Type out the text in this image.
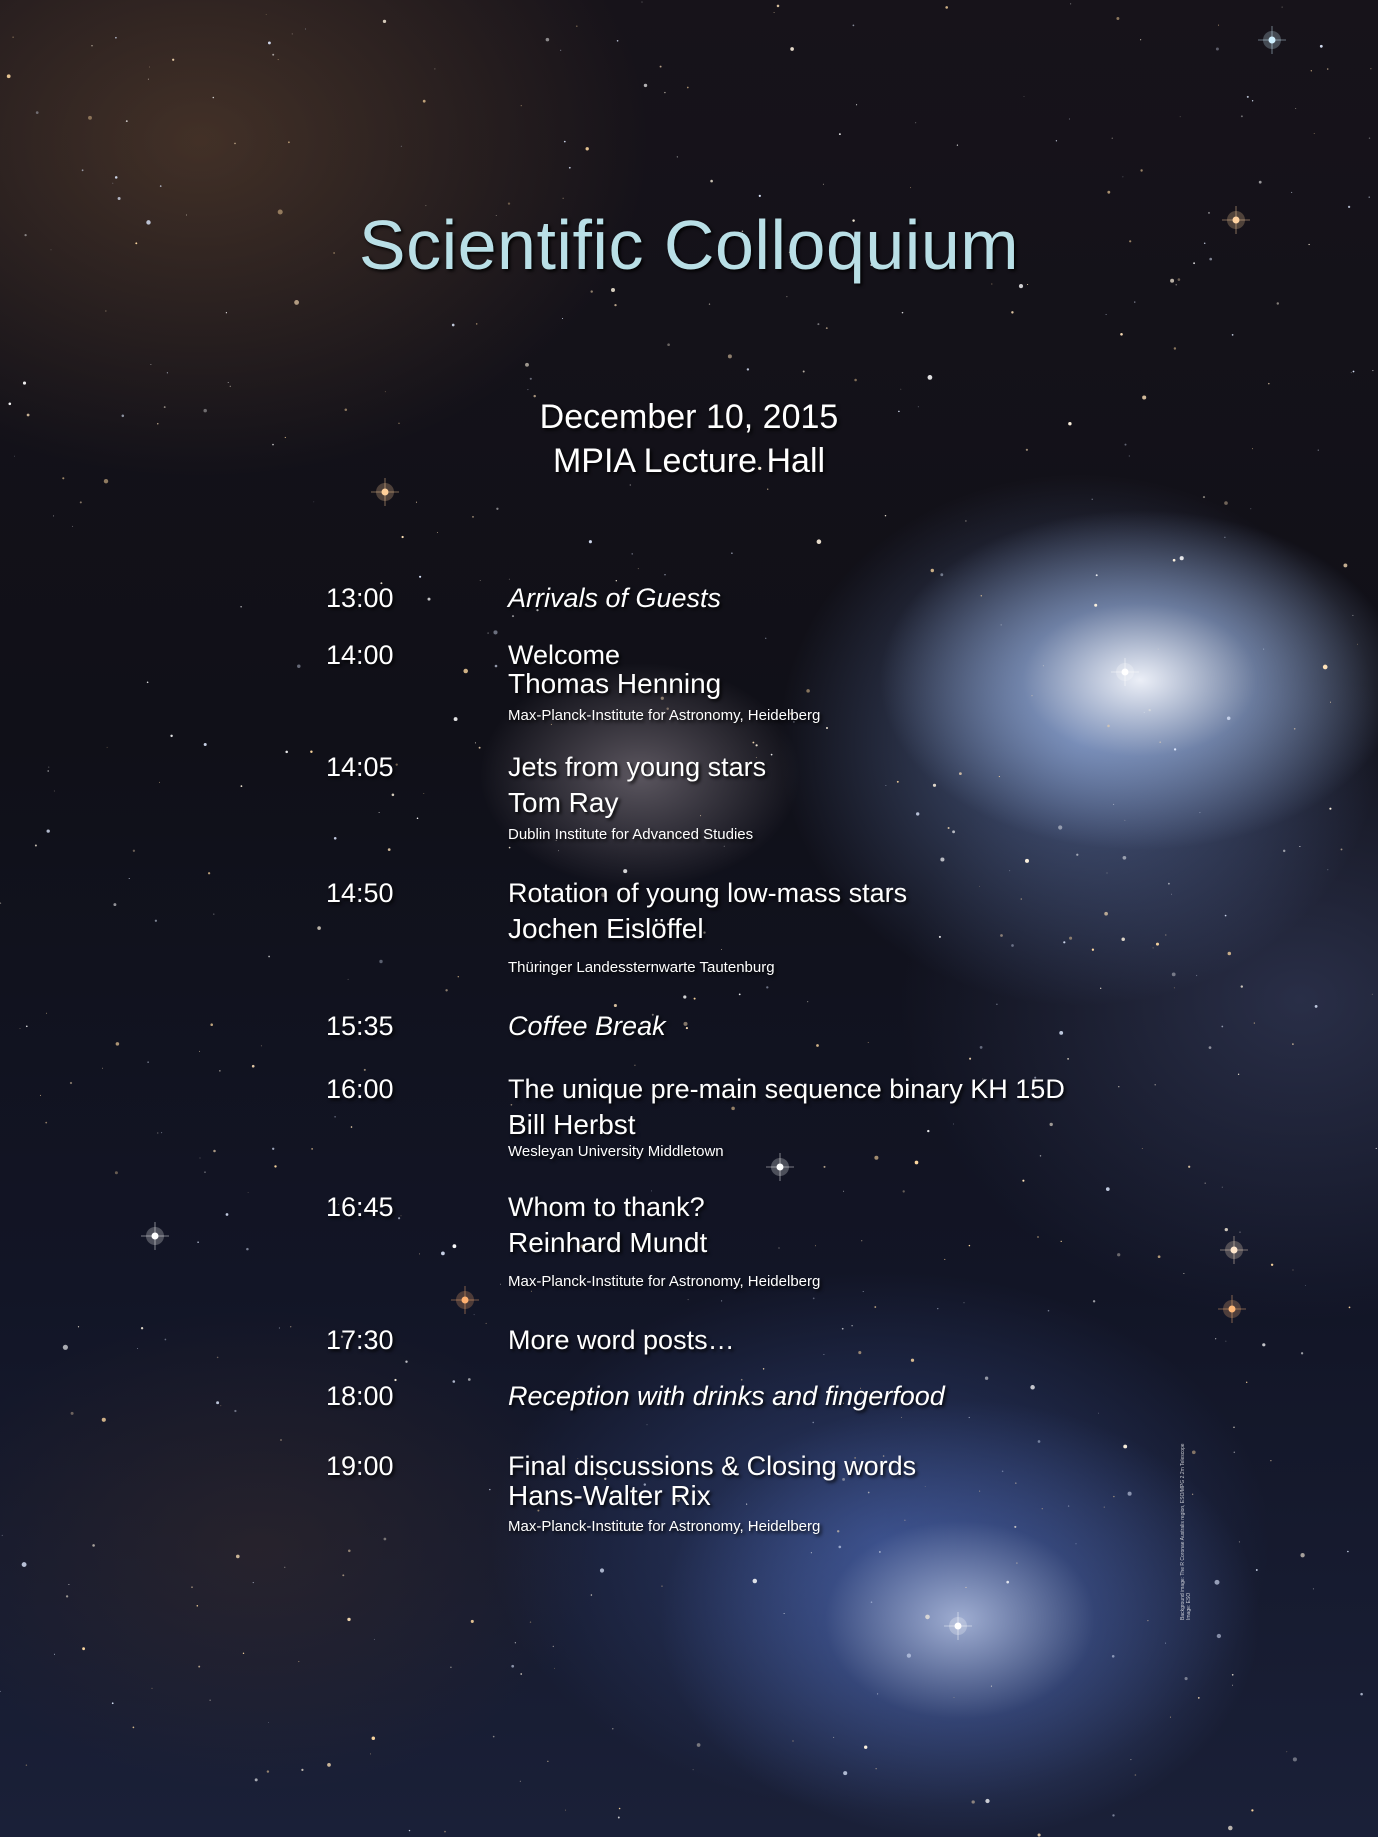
Scientific Colloquium
December 10, 2015
MPIA Lecture Hall
13:00	Arrivals of Guests
14:00	Welcome
Thomas Henning
Max-Planck-Institute for Astronomy, Heidelberg
14:05	Jets from young stars
Tom Ray
Dublin Institute for Advanced Studies
14:50	Rotation of young low-mass stars
Jochen Eislöffel
Thüringer Landessternwarte Tautenburg
15:35	Coffee Break
16:00	The unique pre-main sequence binary KH 15D
Bill Herbst
Wesleyan University Middletown
16:45	Whom to thank?
Reinhard Mundt
Max-Planck-Institute for Astronomy, Heidelberg
17:30	More word posts…
18:00	Reception with drinks and fingerfood
19:00	Final discussions & Closing words
Hans-Walter Rix
Max-Planck-Institute for Astronomy, Heidelberg	Background image: The R Coronae Australis region, ESO/MPG 2.2m Telescope Image: ESO
